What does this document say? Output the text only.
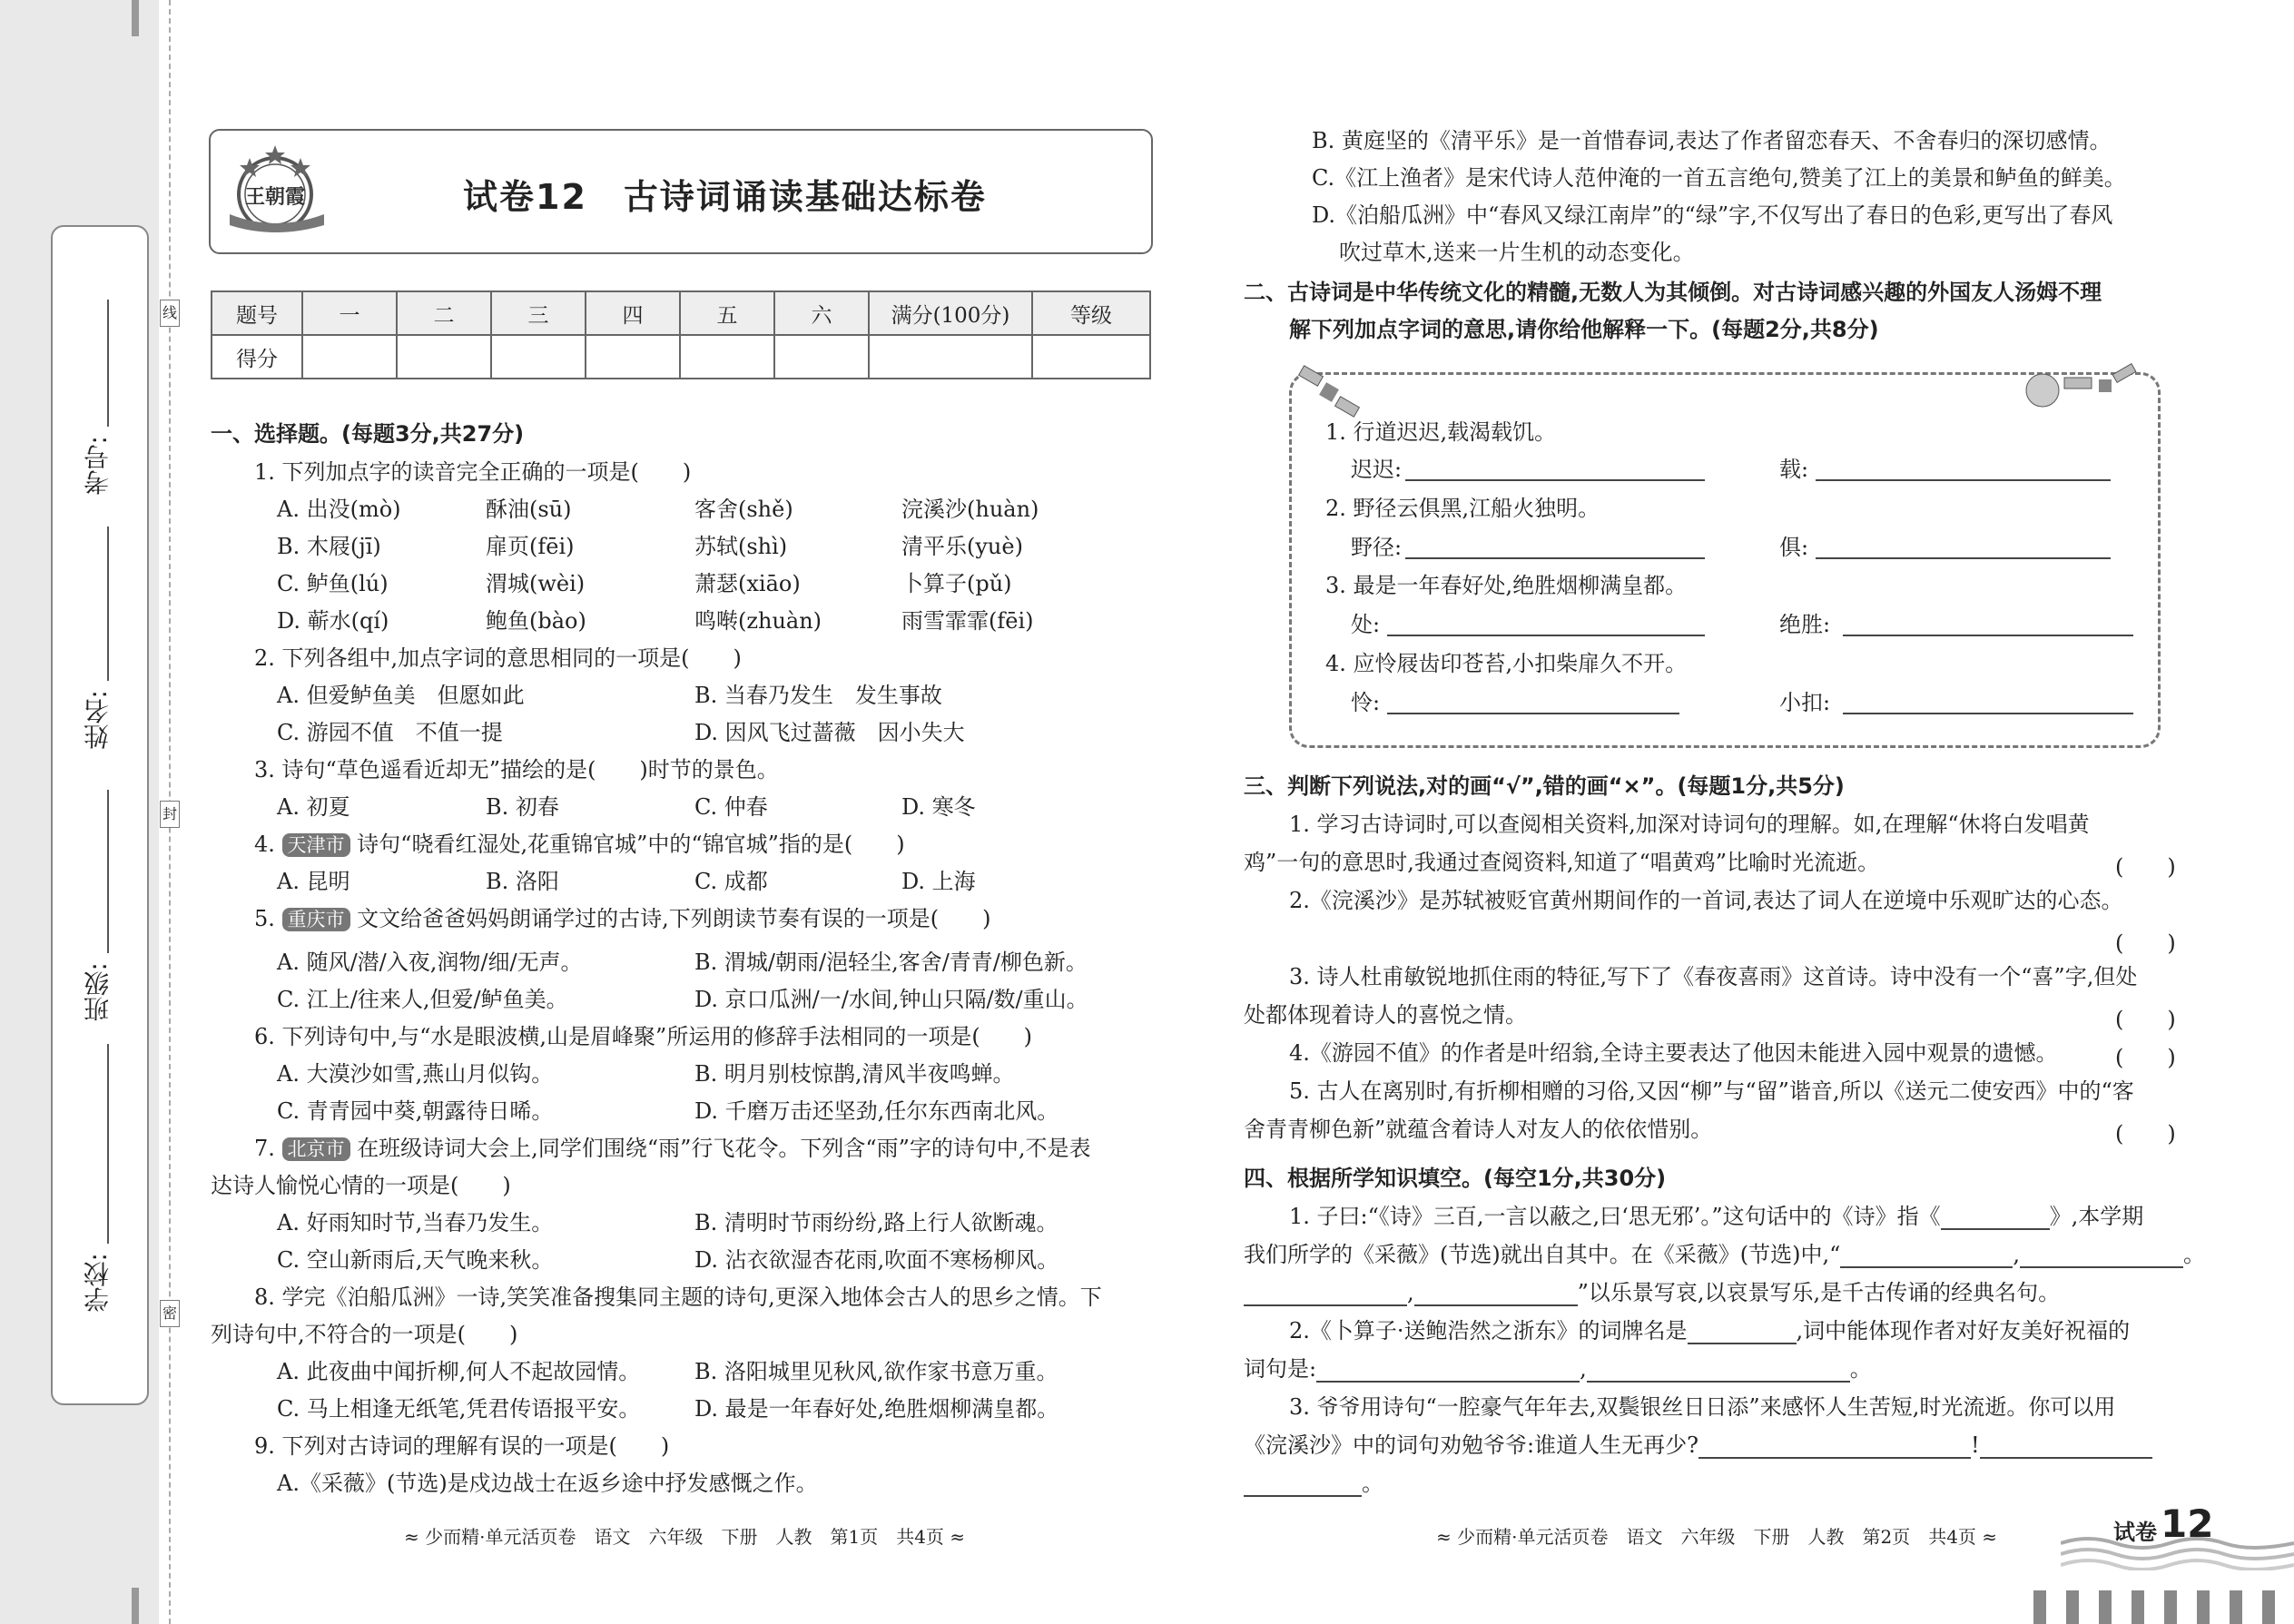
线
封
密
学校:
班级:
姓名:
考号:
王朝霞	试卷12　古诗词诵读基础达标卷
题号	一	二	三	四	五	六	满分(100分)	等级
得分								
一、选择题。(每题3分,共27分)
1. 下列加点字的读音完全正确的一项是(　　)
A. 出没(mò)	酥油(sū)	客舍(shě)	浣溪沙(huàn)
B. 木屐(jī)	扉页(fēi)	苏轼(shì)	清平乐(yuè)
C. 鲈鱼(lú)	渭城(wèi)	萧瑟(xiāo)	卜算子(pǔ)
D. 蕲水(qí)	鲍鱼(bào)	鸣啭(zhuàn)	雨雪霏霏(fēi)
2. 下列各组中,加点字词的意思相同的一项是(　　)
A. 但爱鲈鱼美　但愿如此	B. 当春乃发生　发生事故
C. 游园不值　不值一提	D. 因风飞过蔷薇　因小失大
3. 诗句“草色遥看近却无”描绘的是(　　)时节的景色。
A. 初夏	B. 初春	C. 仲春	D. 寒冬
4. 天津市 诗句“晓看红湿处,花重锦官城”中的“锦官城”指的是(　　)
A. 昆明	B. 洛阳	C. 成都	D. 上海
5. 重庆市 文文给爸爸妈妈朗诵学过的古诗,下列朗读节奏有误的一项是(　　)
A. 随风/潜/入夜,润物/细/无声。	B. 渭城/朝雨/浥轻尘,客舍/青青/柳色新。
C. 江上/往来人,但爱/鲈鱼美。	D. 京口瓜洲/一/水间,钟山只隔/数/重山。
6. 下列诗句中,与“水是眼波横,山是眉峰聚”所运用的修辞手法相同的一项是(　　)
A. 大漠沙如雪,燕山月似钩。	B. 明月别枝惊鹊,清风半夜鸣蝉。
C. 青青园中葵,朝露待日晞。	D. 千磨万击还坚劲,任尔东西南北风。
7. 北京市 在班级诗词大会上,同学们围绕“雨”行飞花令。下列含“雨”字的诗句中,不是表
达诗人愉悦心情的一项是(　　)
A. 好雨知时节,当春乃发生。	B. 清明时节雨纷纷,路上行人欲断魂。
C. 空山新雨后,天气晚来秋。	D. 沾衣欲湿杏花雨,吹面不寒杨柳风。
8. 学完《泊船瓜洲》一诗,笑笑准备搜集同主题的诗句,更深入地体会古人的思乡之情。下
列诗句中,不符合的一项是(　　)
A. 此夜曲中闻折柳,何人不起故园情。 B. 洛阳城里见秋风,欲作家书意万重。
C. 马上相逢无纸笔,凭君传语报平安。 D. 最是一年春好处,绝胜烟柳满皇都。
9. 下列对古诗词的理解有误的一项是(　　)
A.《采薇》(节选)是戍边战士在返乡途中抒发感慨之作。
≈ 少而精·单元活页卷　语文　六年级　下册　人教　第1页　共4页 ≈
B. 黄庭坚的《清平乐》是一首惜春词,表达了作者留恋春天、不舍春归的深切感情。
C.《江上渔者》是宋代诗人范仲淹的一首五言绝句,赞美了江上的美景和鲈鱼的鲜美。
D.《泊船瓜洲》中“春风又绿江南岸”的“绿”字,不仅写出了春日的色彩,更写出了春风
吹过草木,送来一片生机的动态变化。
二、古诗词是中华传统文化的精髓,无数人为其倾倒。对古诗词感兴趣的外国友人汤姆不理
解下列加点字词的意思,请你给他解释一下。(每题2分,共8分)
1. 行道迟迟,载渴载饥。
迟迟:	载:
2. 野径云俱黑,江船火独明。
野径:	俱:
3. 最是一年春好处,绝胜烟柳满皇都。
处:	绝胜:
4. 应怜屐齿印苍苔,小扣柴扉久不开。
怜:	小扣:
三、判断下列说法,对的画“√”,错的画“×”。(每题1分,共5分)
1. 学习古诗词时,可以查阅相关资料,加深对诗词句的理解。如,在理解“休将白发唱黄
鸡”一句的意思时,我通过查阅资料,知道了“唱黄鸡”比喻时光流逝。	(　　)
2.《浣溪沙》是苏轼被贬官黄州期间作的一首词,表达了词人在逆境中乐观旷达的心态。
(　　)
3. 诗人杜甫敏锐地抓住雨的特征,写下了《春夜喜雨》这首诗。诗中没有一个“喜”字,但处
处都体现着诗人的喜悦之情。	(　　)
4.《游园不值》的作者是叶绍翁,全诗主要表达了他因未能进入园中观景的遗憾。	(　　)
5. 古人在离别时,有折柳相赠的习俗,又因“柳”与“留”谐音,所以《送元二使安西》中的“客
舍青青柳色新”就蕴含着诗人对友人的依依惜别。	(　　)
四、根据所学知识填空。(每空1分,共30分)
1. 子曰:“《诗》三百,一言以蔽之,曰‘思无邪’。”这句话中的《诗》指《	》,本学期
我们所学的《采薇》(节选)就出自其中。在《采薇》(节选)中,“	,	。
,	”以乐景写哀,以哀景写乐,是千古传诵的经典名句。
2.《卜算子·送鲍浩然之浙东》的词牌名是	,词中能体现作者对好友美好祝福的
词句是:	,	。
3. 爷爷用诗句“一腔豪气年年去,双鬓银丝日日添”来感怀人生苦短,时光流逝。你可以用
《浣溪沙》中的词句劝勉爷爷:谁道人生无再少?	!
。
≈ 少而精·单元活页卷　语文　六年级　下册　人教　第2页　共4页 ≈	试卷 12
